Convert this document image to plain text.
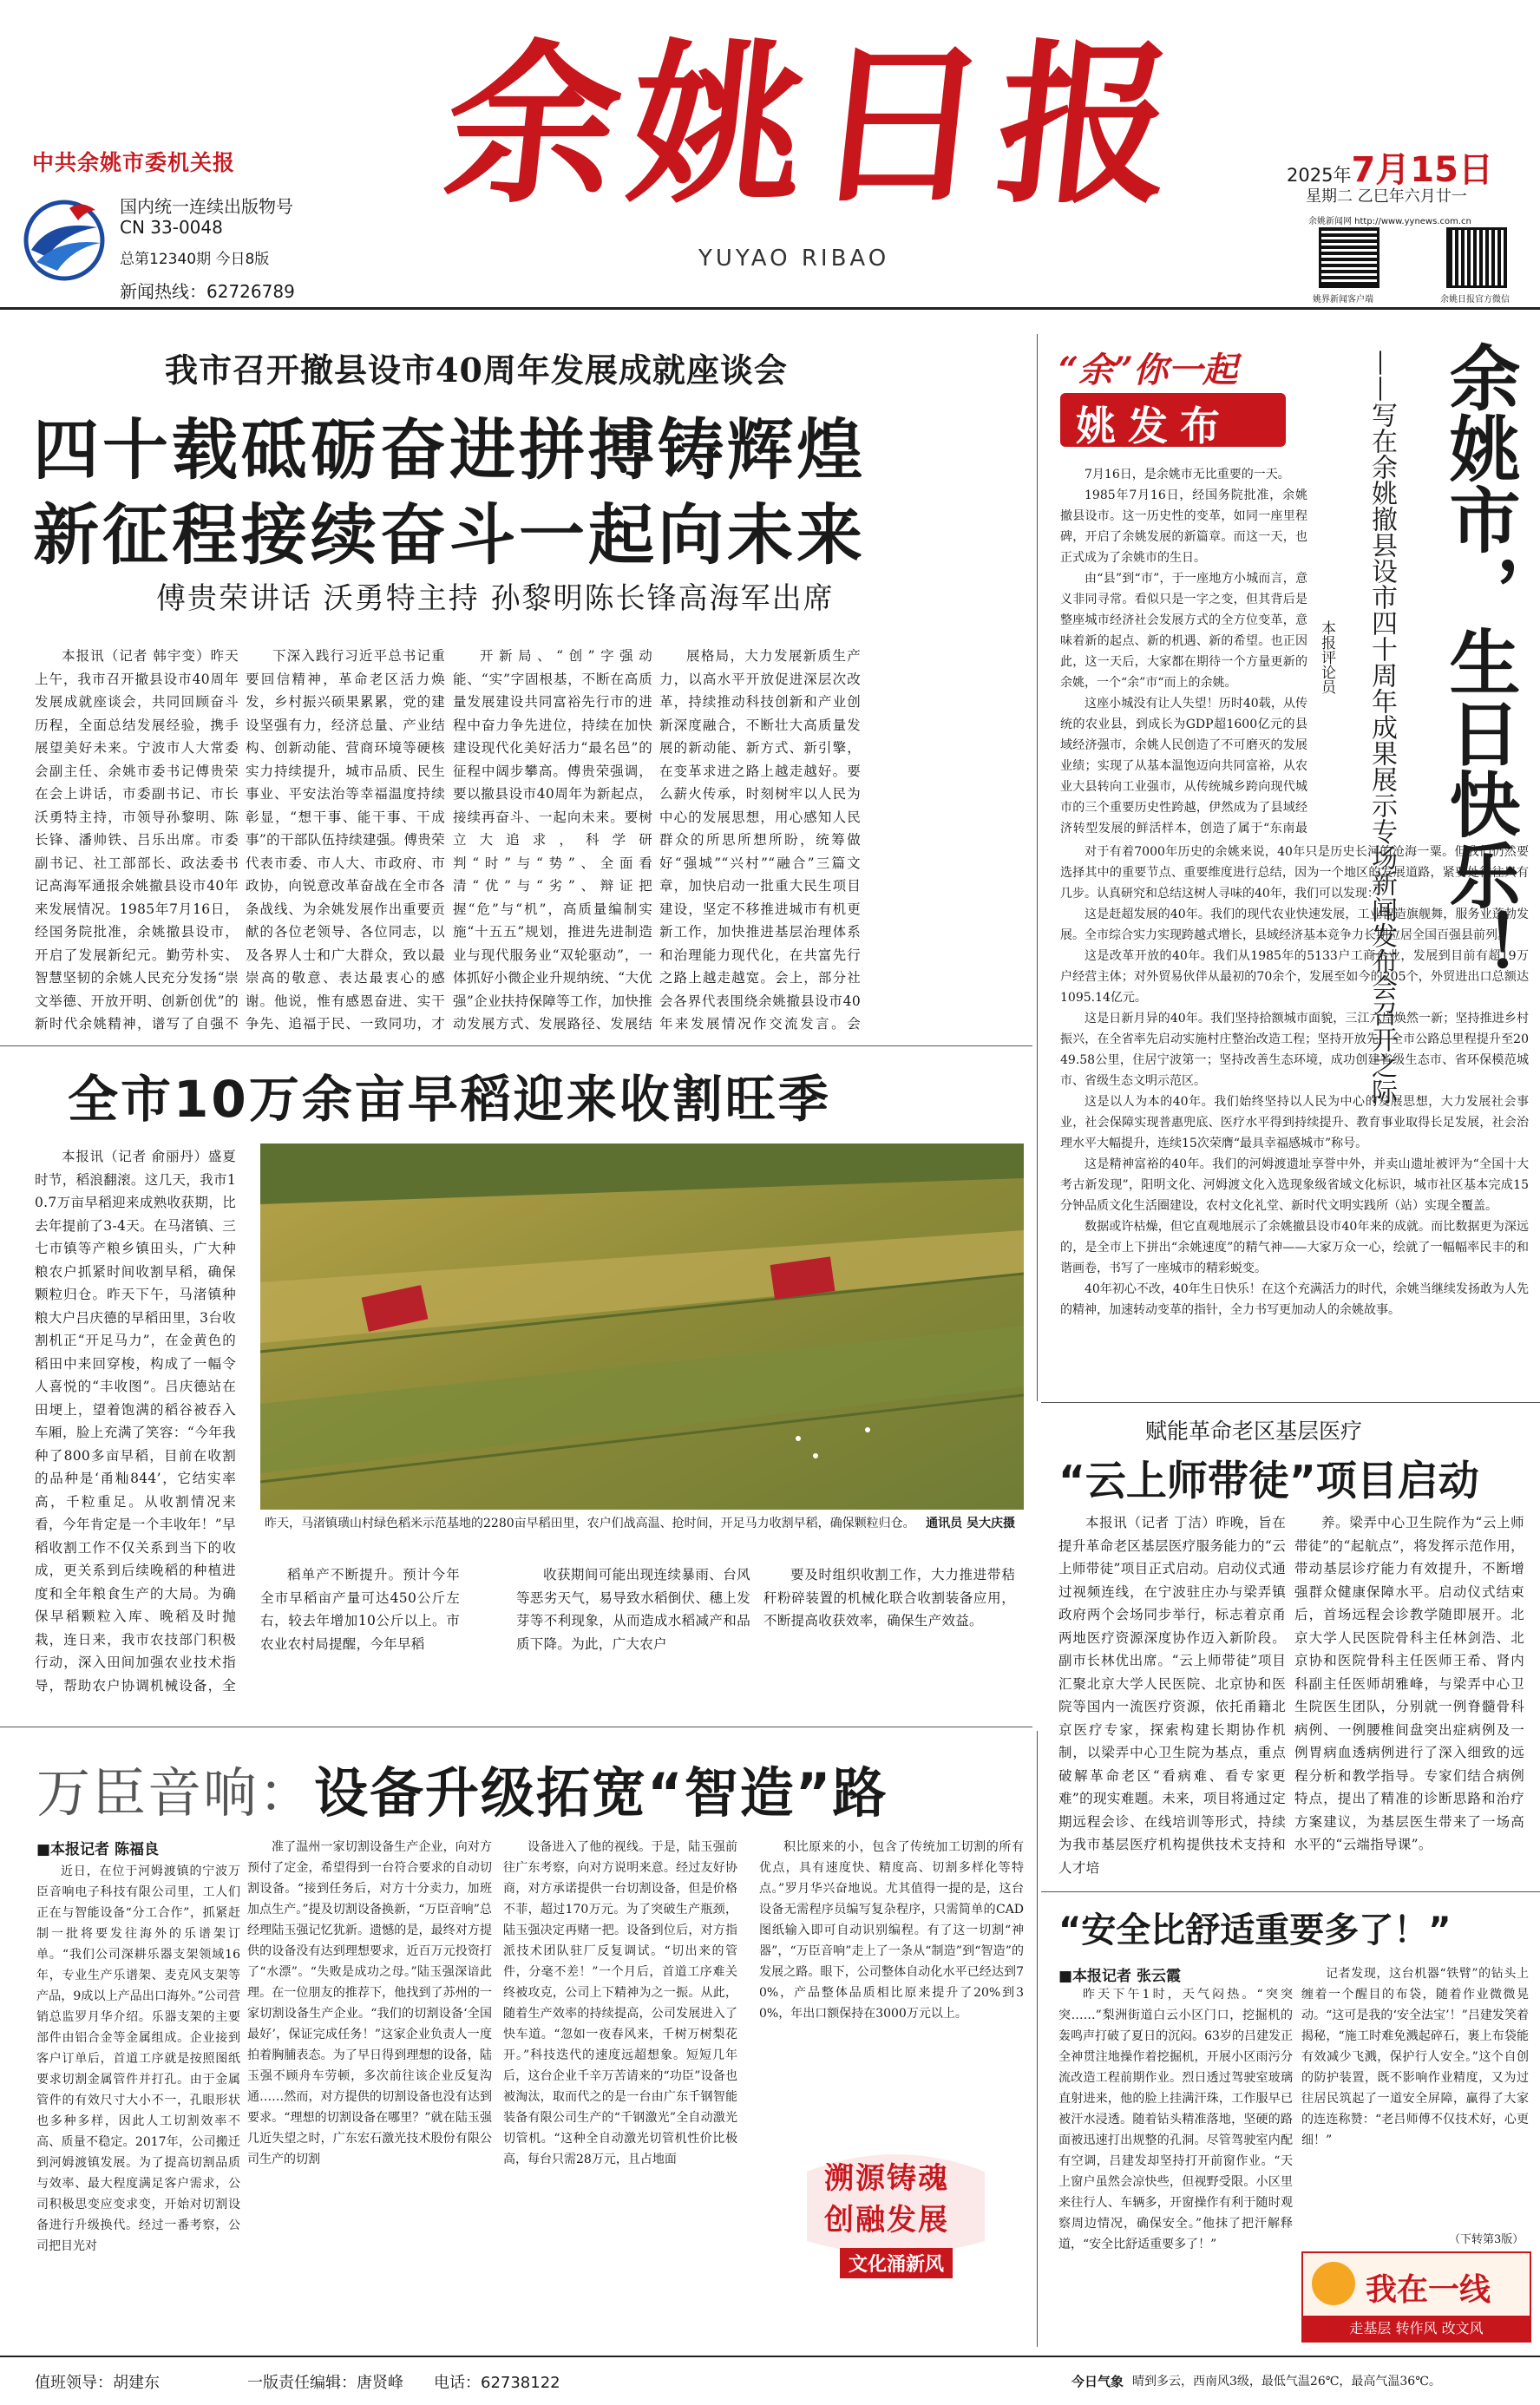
中共余姚市委机关报
国内统一连续出版物号
CN 33-0048
总第12340期 今日8版
新闻热线：62726789
余姚日报
YUYAO RIBAO
2025年7月15日
星期二 乙巳年六月廿一
余姚新闻网 http://www.yynews.com.cn
姚界新闻客户端	余姚日报官方微信
我市召开撤县设市40周年发展成就座谈会
四十载砥砺奋进拼搏铸辉煌
新征程接续奋斗一起向未来
傅贵荣讲话 沃勇特主持 孙黎明陈长锋高海军出席

本报讯（记者 韩宇变）昨天上午，我市召开撤县设市40周年发展成就座谈会，共同回顾奋斗历程，全面总结发展经验，携手展望美好未来。宁波市人大常委会副主任、余姚市委书记傅贵荣在会上讲话，市委副书记、市长沃勇特主持，市领导孙黎明、陈长锋、潘帅铁、吕乐出席。市委副书记、社工部部长、政法委书记高海军通报余姚撤县设市40年来发展情况。1985年7月16日，经国务院批准，余姚撤县设市，开启了发展新纪元。勤劳朴实、智慧坚韧的余姚人民充分发扬“崇文举德、开放开明、创新创优”的新时代余姚精神，谱写了自强不

下深入践行习近平总书记重要回信精神，革命老区活力焕发，乡村振兴硕果累累，党的建设坚强有力，经济总量、产业结构、创新动能、营商环境等硬核实力持续提升，城市品质、民生事业、平安法治等幸福温度持续彰显，“想干事、能干事、干成事”的干部队伍持续建强。傅贵荣代表市委、市人大、市政府、市政协，向锐意改革奋战在全市各条战线、为余姚发展作出重要贡献的各位老领导、各位同志，以及各界人士和广大群众，致以最崇高的敬意、表达最衷心的感谢。他说，惟有感恩奋进、实干争先、追福于民、一致同功，才

开新局、“创”字强动能、“实”字固根基，不断在高质量发展建设共同富裕先行市的进程中奋力争先进位，持续在加快建设现代化美好活力“最名邑”的征程中阔步攀高。傅贵荣强调，要以撤县设市40周年为新起点，接续再奋斗、一起向未来。要树立大追求，科学研判“时”与“势”、全面看清“优”与“劣”、辩证把握“危”与“机”，高质量编制实施“十五五”规划，推进先进制造业与现代服务业“双轮驱动”，一体抓好小微企业升规纳统、“大优强”企业扶持保障等工作，加快推动发展方式、发展路径、发展结

展格局，大力发展新质生产力，以高水平开放促进深层次改革，持续推动科技创新和产业创新深度融合，不断壮大高质量发展的新动能、新方式、新引擎，在变革求进之路上越走越好。要么薪火传承，时刻树牢以人民为中心的发展思想，用心感知人民群众的所思所想所盼，统筹做好“强城”“兴村”“融合”三篇文章，加快启动一批重大民生项目建设，坚定不移推进城市有机更新工作，加快推进基层治理体系和治理能力现代化，在共富先行之路上越走越宽。会上，部分社会各界代表围绕余姚撤县设市40年来发展情况作交流发言。会

“余”你一起
姚发布	余姚市，生日快乐！
——写在余姚撤县设市四十周年成果展示专场新闻发布会召开之际
本报评论员

7月16日，是余姚市无比重要的一天。

1985年7月16日，经国务院批准，余姚撤县设市。这一历史性的变革，如同一座里程碑，开启了余姚发展的新篇章。而这一天，也正式成为了余姚市的生日。

由“县”到“市”，于一座地方小城而言，意义非同寻常。看似只是一字之变，但其背后是整座城市经济社会发展方式的全方位变革，意味着新的起点、新的机遇、新的希望。也正因此，这一天后，大家都在期待一个方量更新的余姚，一个“余”市“而上的余姚。

这座小城没有让人失望！历时40载，从传统的农业县，到成长为GDP超1600亿元的县域经济强市，余姚人民创造了不可磨灭的发展业绩；实现了从基本温饱迈向共同富裕，从农业大县转向工业强市，从传统城乡跨向现代城市的三个重要历史性跨越，伊然成为了县域经济转型发展的鲜活样本，创造了属于“东南最

对于有着7000年历史的余姚来说，40年只是历史长河的沧海一粟。但我们仍然要选择其中的重要节点、重要维度进行总结，因为一个地区的发展道路，紧要处往往只有几步。认真研究和总结这树人寻味的40年，我们可以发现：

这是赶超发展的40年。我们的现代农业快速发展，工业智造旗舰舞，服务业蓬勃发展。全市综合实力实现跨越式增长，县域经济基本竞争力长期位居全国百强县前列。

这是改革开放的40年。我们从1985年的5133户工商企业，发展到目前有超19万户经营主体；对外贸易伙伴从最初的70余个，发展至如今的205个，外贸进出口总额达1095.14亿元。

这是日新月异的40年。我们坚持拾额城市面貌，三江六岸焕然一新；坚持推进乡村振兴，在全省率先启动实施村庄整治改造工程；坚持开放先，全市公路总里程提升至2049.58公里，住居宁波第一；坚持改善生态环境，成功创建省级生态市、省环保模范城市、省级生态文明示范区。

这是以人为本的40年。我们始终坚持以人民为中心的发展思想，大力发展社会事业，社会保障实现普惠兜底、医疗水平得到持续提升、教育事业取得长足发展，社会治理水平大幅提升，连续15次荣膺“最具幸福感城市”称号。

这是精神富裕的40年。我们的河姆渡遗址享誉中外，并卖山遗址被评为“全国十大考古新发现”，阳明文化、河姆渡文化入选现象级省域文化标识，城市社区基本完成15分钟品质文化生活圈建设，农村文化礼堂、新时代文明实践所（站）实现全覆盖。

数据或许枯燥，但它直观地展示了余姚撤县设市40年来的成就。而比数据更为深远的，是全市上下拼出“余姚速度”的精气神——大家万众一心，绘就了一幅幅率民丰的和谐画卷，书写了一座城市的精彩蜕变。

40年初心不改，40年生日快乐！在这个充满活力的时代，余姚当继续发扬敢为人先的精神，加速转动变革的指针，全力书写更加动人的余姚故事。

全市10万余亩早稻迎来收割旺季

本报讯（记者 俞丽丹）盛夏时节，稻浪翻滚。这几天，我市10.7万亩早稻迎来成熟收获期，比去年提前了3-4天。在马渚镇、三七市镇等产粮乡镇田头，广大种粮农户抓紧时间收割早稻，确保颗粒归仓。昨天下午，马渚镇种粮大户吕庆德的早稻田里，3台收割机正“开足马力”，在金黄色的稻田中来回穿梭，构成了一幅令人喜悦的“丰收图”。吕庆德站在田埂上，望着饱满的稻谷被吞入车厢，脸上充满了笑容：“今年我种了800多亩早稻，目前在收割的品种是‘甬籼844’，它结实率高，千粒重足。从收割情况来看，今年肯定是一个丰收年！”早稻收割工作不仅关系到当下的收成，更关系到后续晚稻的种植进度和全年粮食生产的大局。为确保早稻颗粒入库、晚稻及时抛栽，连日来，我市农技部门积极行动，深入田间加强农业技术指导，帮助农户协调机械设备，全

昨天，马渚镇璜山村绿色稻米示范基地的2280亩早稻田里，农户们战高温、抢时间，开足马力收割早稻，确保颗粒归仓。 通讯员 吴大庆摄

稻单产不断提升。预计今年全市早稻亩产量可达450公斤左右，较去年增加10公斤以上。市农业农村局提醒，今年早稻

收获期间可能出现连续暴雨、台风等恶劣天气，易导致水稻倒伏、穗上发芽等不利现象，从而造成水稻减产和品质下降。为此，广大农户

要及时组织收割工作，大力推进带秸秆粉碎装置的机械化联合收割装备应用，不断提高收获效率，确保生产效益。

赋能革命老区基层医疗
“云上师带徒”项目启动

本报讯（记者 丁洁）昨晚，旨在提升革命老区基层医疗服务能力的“云上师带徒”项目正式启动。启动仪式通过视频连线，在宁波驻庄办与梁弄镇政府两个会场同步举行，标志着京甬两地医疗资源深度协作迈入新阶段。副市长林优出席。“云上师带徒”项目汇聚北京大学人民医院、北京协和医院等国内一流医疗资源，依托甬籍北京医疗专家，探索构建长期协作机制，以梁弄中心卫生院为基点，重点破解革命老区“看病难、看专家更难”的现实难题。未来，项目将通过定期远程会诊、在线培训等形式，持续为我市基层医疗机构提供技术支持和人才培

养。梁弄中心卫生院作为“云上师带徒”的“起航点”，将发挥示范作用，带动基层诊疗能力有效提升，不断增强群众健康保障水平。启动仪式结束后，首场远程会诊教学随即展开。北京大学人民医院骨科主任林剑浩、北京协和医院骨科主任医师王希、肾内科副主任医师胡雅峰，与梁弄中心卫生院医生团队，分别就一例脊髓骨科病例、一例腰椎间盘突出症病例及一例胃病血透病例进行了深入细致的远程分析和教学指导。专家们结合病例特点，提出了精准的诊断思路和治疗方案建议，为基层医生带来了一场高水平的“云端指导课”。

万臣音响：设备升级拓宽“智造”路
■本报记者 陈福良

近日，在位于河姆渡镇的宁波万臣音响电子科技有限公司里，工人们正在与智能设备“分工合作”，抓紧赶制一批将要发往海外的乐谱架订单。“我们公司深耕乐器支架领域16年，专业生产乐谱架、麦克风支架等产品，9成以上产品出口海外。”公司营销总监罗月华介绍。乐器支架的主要部件由铝合金等金属组成。企业接到客户订单后，首道工序就是按照图纸要求切割金属管件并打孔。由于金属管件的有效尺寸大小不一，孔眼形状也多种多样，因此人工切割效率不高、质量不稳定。2017年，公司搬迁到河姆渡镇发展。为了提高切割品质与效率、最大程度满足客户需求，公司积极思变应变求变，开始对切割设备进行升级换代。经过一番考察，公司把目光对

准了温州一家切割设备生产企业，向对方预付了定金，希望得到一台符合要求的自动切割设备。“接到任务后，对方十分卖力，加班加点生产。”提及切割设备换新，“万臣音响”总经理陆玉强记忆犹新。遗憾的是，最终对方提供的设备没有达到理想要求，近百万元投资打了“水漂”。“失败是成功之母。”陆玉强深谙此理。在一位朋友的推荐下，他找到了苏州的一家切割设备生产企业。“我们的切割设备‘全国最好’，保证完成任务！”这家企业负责人一度拍着胸脯表态。为了早日得到理想的设备，陆玉强不顾舟车劳顿，多次前往该企业反复沟通……然而，对方提供的切割设备也没有达到要求。“理想的切割设备在哪里？”就在陆玉强几近失望之时，广东宏石激光技术股份有限公司生产的切割

设备进入了他的视线。于是，陆玉强前往广东考察，向对方说明来意。经过友好协商，对方承诺提供一台切割设备，但是价格不菲，超过170万元。为了突破生产瓶颈，陆玉强决定再赌一把。设备到位后，对方指派技术团队驻厂反复调试。“切出来的管件，分毫不差！”一个月后，首道工序难关终被攻克，公司上下精神为之一振。从此，随着生产效率的持续提高，公司发展进入了快车道。“忽如一夜春风来，千树万树梨花开。”科技迭代的速度远超想象。短短几年后，这台企业千辛万苦请来的“功臣”设备也被淘汰，取而代之的是一台由广东千钢智能装备有限公司生产的“千钢激光”全自动激光切管机。“这种全自动激光切管机性价比极高，每台只需28万元，且占地面

积比原来的小，包含了传统加工切割的所有优点，具有速度快、精度高、切割多样化等特点。”罗月华兴奋地说。尤其值得一提的是，这台设备无需程序员编写复杂程序，只需简单的CAD图纸输入即可自动识别编程。有了这一切割“神器”，“万臣音响”走上了一条从“制造”到“智造”的发展之路。眼下，公司整体自动化水平已经达到70%，产品整体品质相比原来提升了20%到30%，年出口额保持在3000万元以上。

溯源铸魂
创融发展
文化涌新风
“安全比舒适重要多了！”
■本报记者 张云霞

昨天下午1时，天气闷热。“突突突……”梨洲街道白云小区门口，挖掘机的轰鸣声打破了夏日的沉闷。63岁的吕建发正全神贯注地操作着挖掘机，开展小区雨污分流改造工程前期作业。烈日透过驾驶室玻璃直射进来，他的脸上挂满汗珠，工作服早已被汗水浸透。随着钻头精准落地，坚硬的路面被迅速打出规整的孔洞。尽管驾驶室内配有空调，吕建发却坚持打开前窗作业。“天上窗户虽然会凉快些，但视野受限。小区里来往行人、车辆多，开窗操作有利于随时观察周边情况，确保安全。”他抹了把汗解释道，“安全比舒适重要多了！”

记者发现，这台机器“铁臂”的钻头上缠着一个醒目的布袋，随着作业微微晃动。“这可是我的‘安全法宝’！”吕建发笑着揭秘，“施工时难免溅起碎石，裹上布袋能有效减少飞溅，保护行人安全。”这个自创的防护装置，既不影响作业精度，又为过往居民筑起了一道安全屏障，赢得了大家的连连称赞：“老吕师傅不仅技术好，心更细！”

（下转第3版）
我在一线
走基层 转作风 改文风
值班领导：胡建东	一版责任编辑：唐贤峰 电话：62738122	今日气象 晴到多云，西南风3级，最低气温26℃，最高气温36℃。
